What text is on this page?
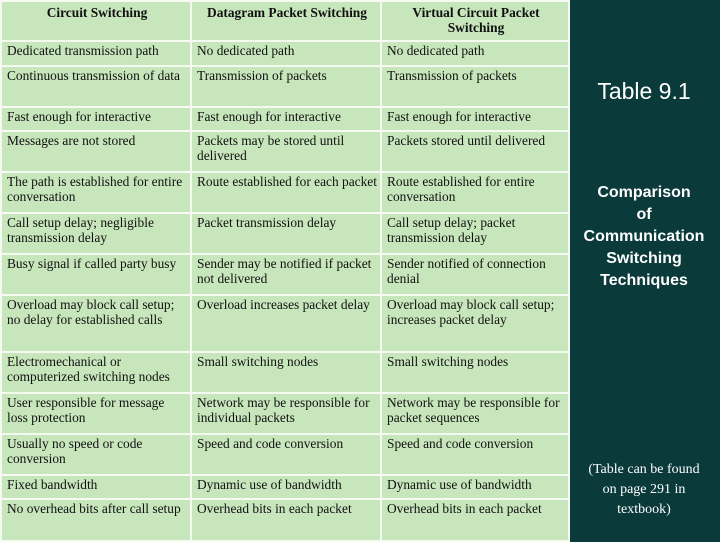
Circuit Switching	Datagram Packet Switching	Virtual Circuit Packet Switching
Dedicated transmission path	No dedicated path	No dedicated path
Continuous transmission of data	Transmission of packets	Transmission of packets
Fast enough for interactive	Fast enough for interactive	Fast enough for interactive
Messages are not stored	Packets may be stored until delivered	Packets stored until delivered
The path is established for entire conversation	Route established for each packet	Route established for entire conversation
Call setup delay; negligible transmission delay	Packet transmission delay	Call setup delay; packet transmission delay
Busy signal if called party busy	Sender may be notified if packet not delivered	Sender notified of connection denial
Overload may block call setup; no delay for established calls	Overload increases packet delay	Overload may block call setup; increases packet delay
Electromechanical or computerized switching nodes	Small switching nodes	Small switching nodes
User responsible for message loss protection	Network may be responsible for individual packets	Network may be responsible for packet sequences
Usually no speed or code conversion	Speed and code conversion	Speed and code conversion
Fixed bandwidth	Dynamic use of bandwidth	Dynamic use of bandwidth
No overhead bits after call setup	Overhead bits in each packet	Overhead bits in each packet
Table 9.1
Comparison
of
Communication
Switching
Techniques
(Table can be found
on page 291 in
textbook)
